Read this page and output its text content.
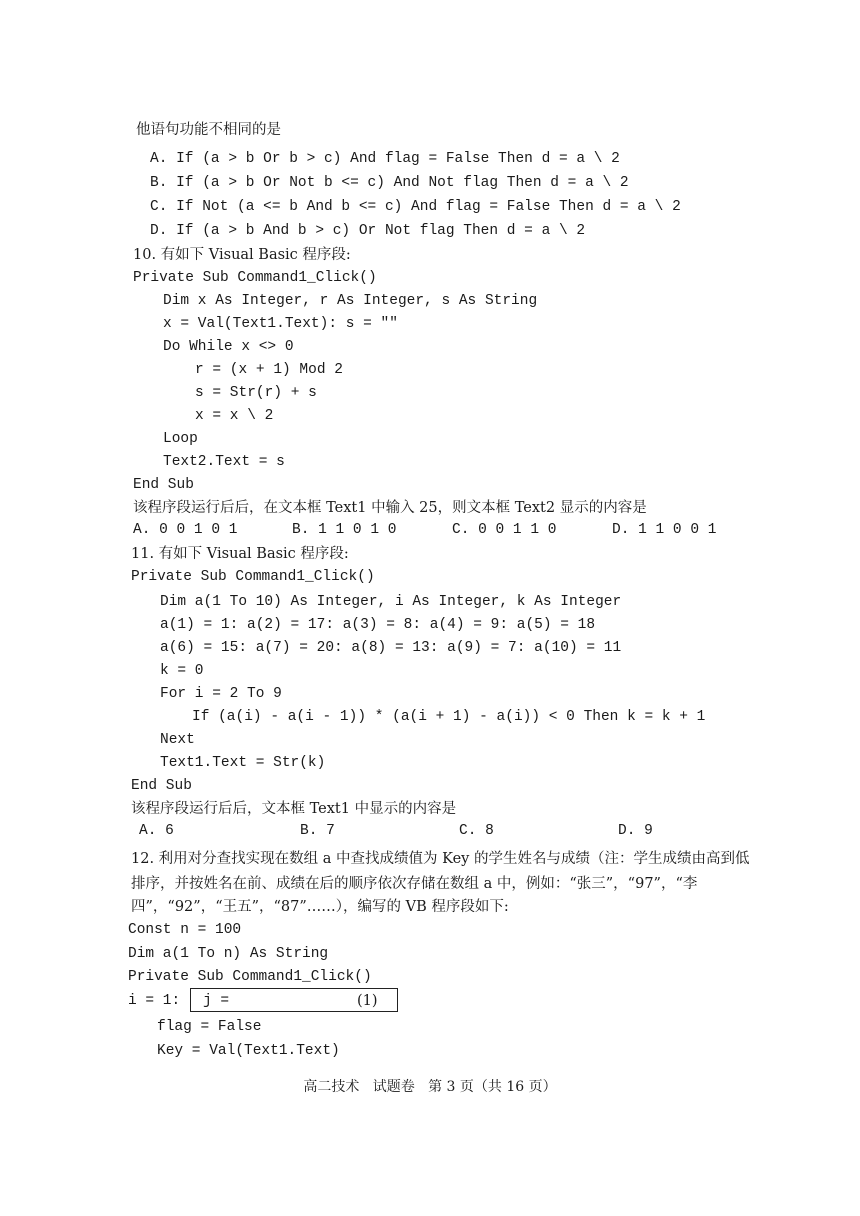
他语句功能不相同的是
A. If (a > b Or b > c) And flag = False Then d = a \ 2
B. If (a > b Or Not b <= c) And Not flag Then d = a \ 2
C. If Not (a <= b And b <= c) And flag = False Then d = a \ 2
D. If (a > b And b > c) Or Not flag Then d = a \ 2
10. 有如下 Visual Basic 程序段:
Private Sub Command1_Click()
Dim x As Integer, r As Integer, s As String
x = Val(Text1.Text): s = ""
Do While x <> 0
r = (x + 1) Mod 2
s = Str(r) + s
x = x \ 2
Loop
Text2.Text = s
End Sub
该程序段运行后后，在文本框 Text1 中输入 25，则文本框 Text2 显示的内容是
A. 0 0 1 0 1	B. 1 1 0 1 0	C. 0 0 1 1 0	D. 1 1 0 0 1
11. 有如下 Visual Basic 程序段:
Private Sub Command1_Click()
Dim a(1 To 10) As Integer, i As Integer, k As Integer
a(1) = 1: a(2) = 17: a(3) = 8: a(4) = 9: a(5) = 18
a(6) = 15: a(7) = 20: a(8) = 13: a(9) = 7: a(10) = 11
k = 0
For i = 2 To 9
If (a(i) - a(i - 1)) * (a(i + 1) - a(i)) < 0 Then k = k + 1
Next
Text1.Text = Str(k)
End Sub
该程序段运行后后，文本框 Text1 中显示的内容是
A. 6	B. 7	C. 8	D. 9
12. 利用对分查找实现在数组 a 中查找成绩值为 Key 的学生姓名与成绩（注：学生成绩由高到低
排序，并按姓名在前、成绩在后的顺序依次存储在数组 a 中，例如：“张三”，“97”，“李
四”，“92”，“王五”，“87”……），编写的 VB 程序段如下:
Const n = 100
Dim a(1 To n) As String
Private Sub Command1_Click()
i = 1: j =	(1)
flag = False
Key = Val(Text1.Text)
高二技术   试题卷   第 3 页（共 16 页）
